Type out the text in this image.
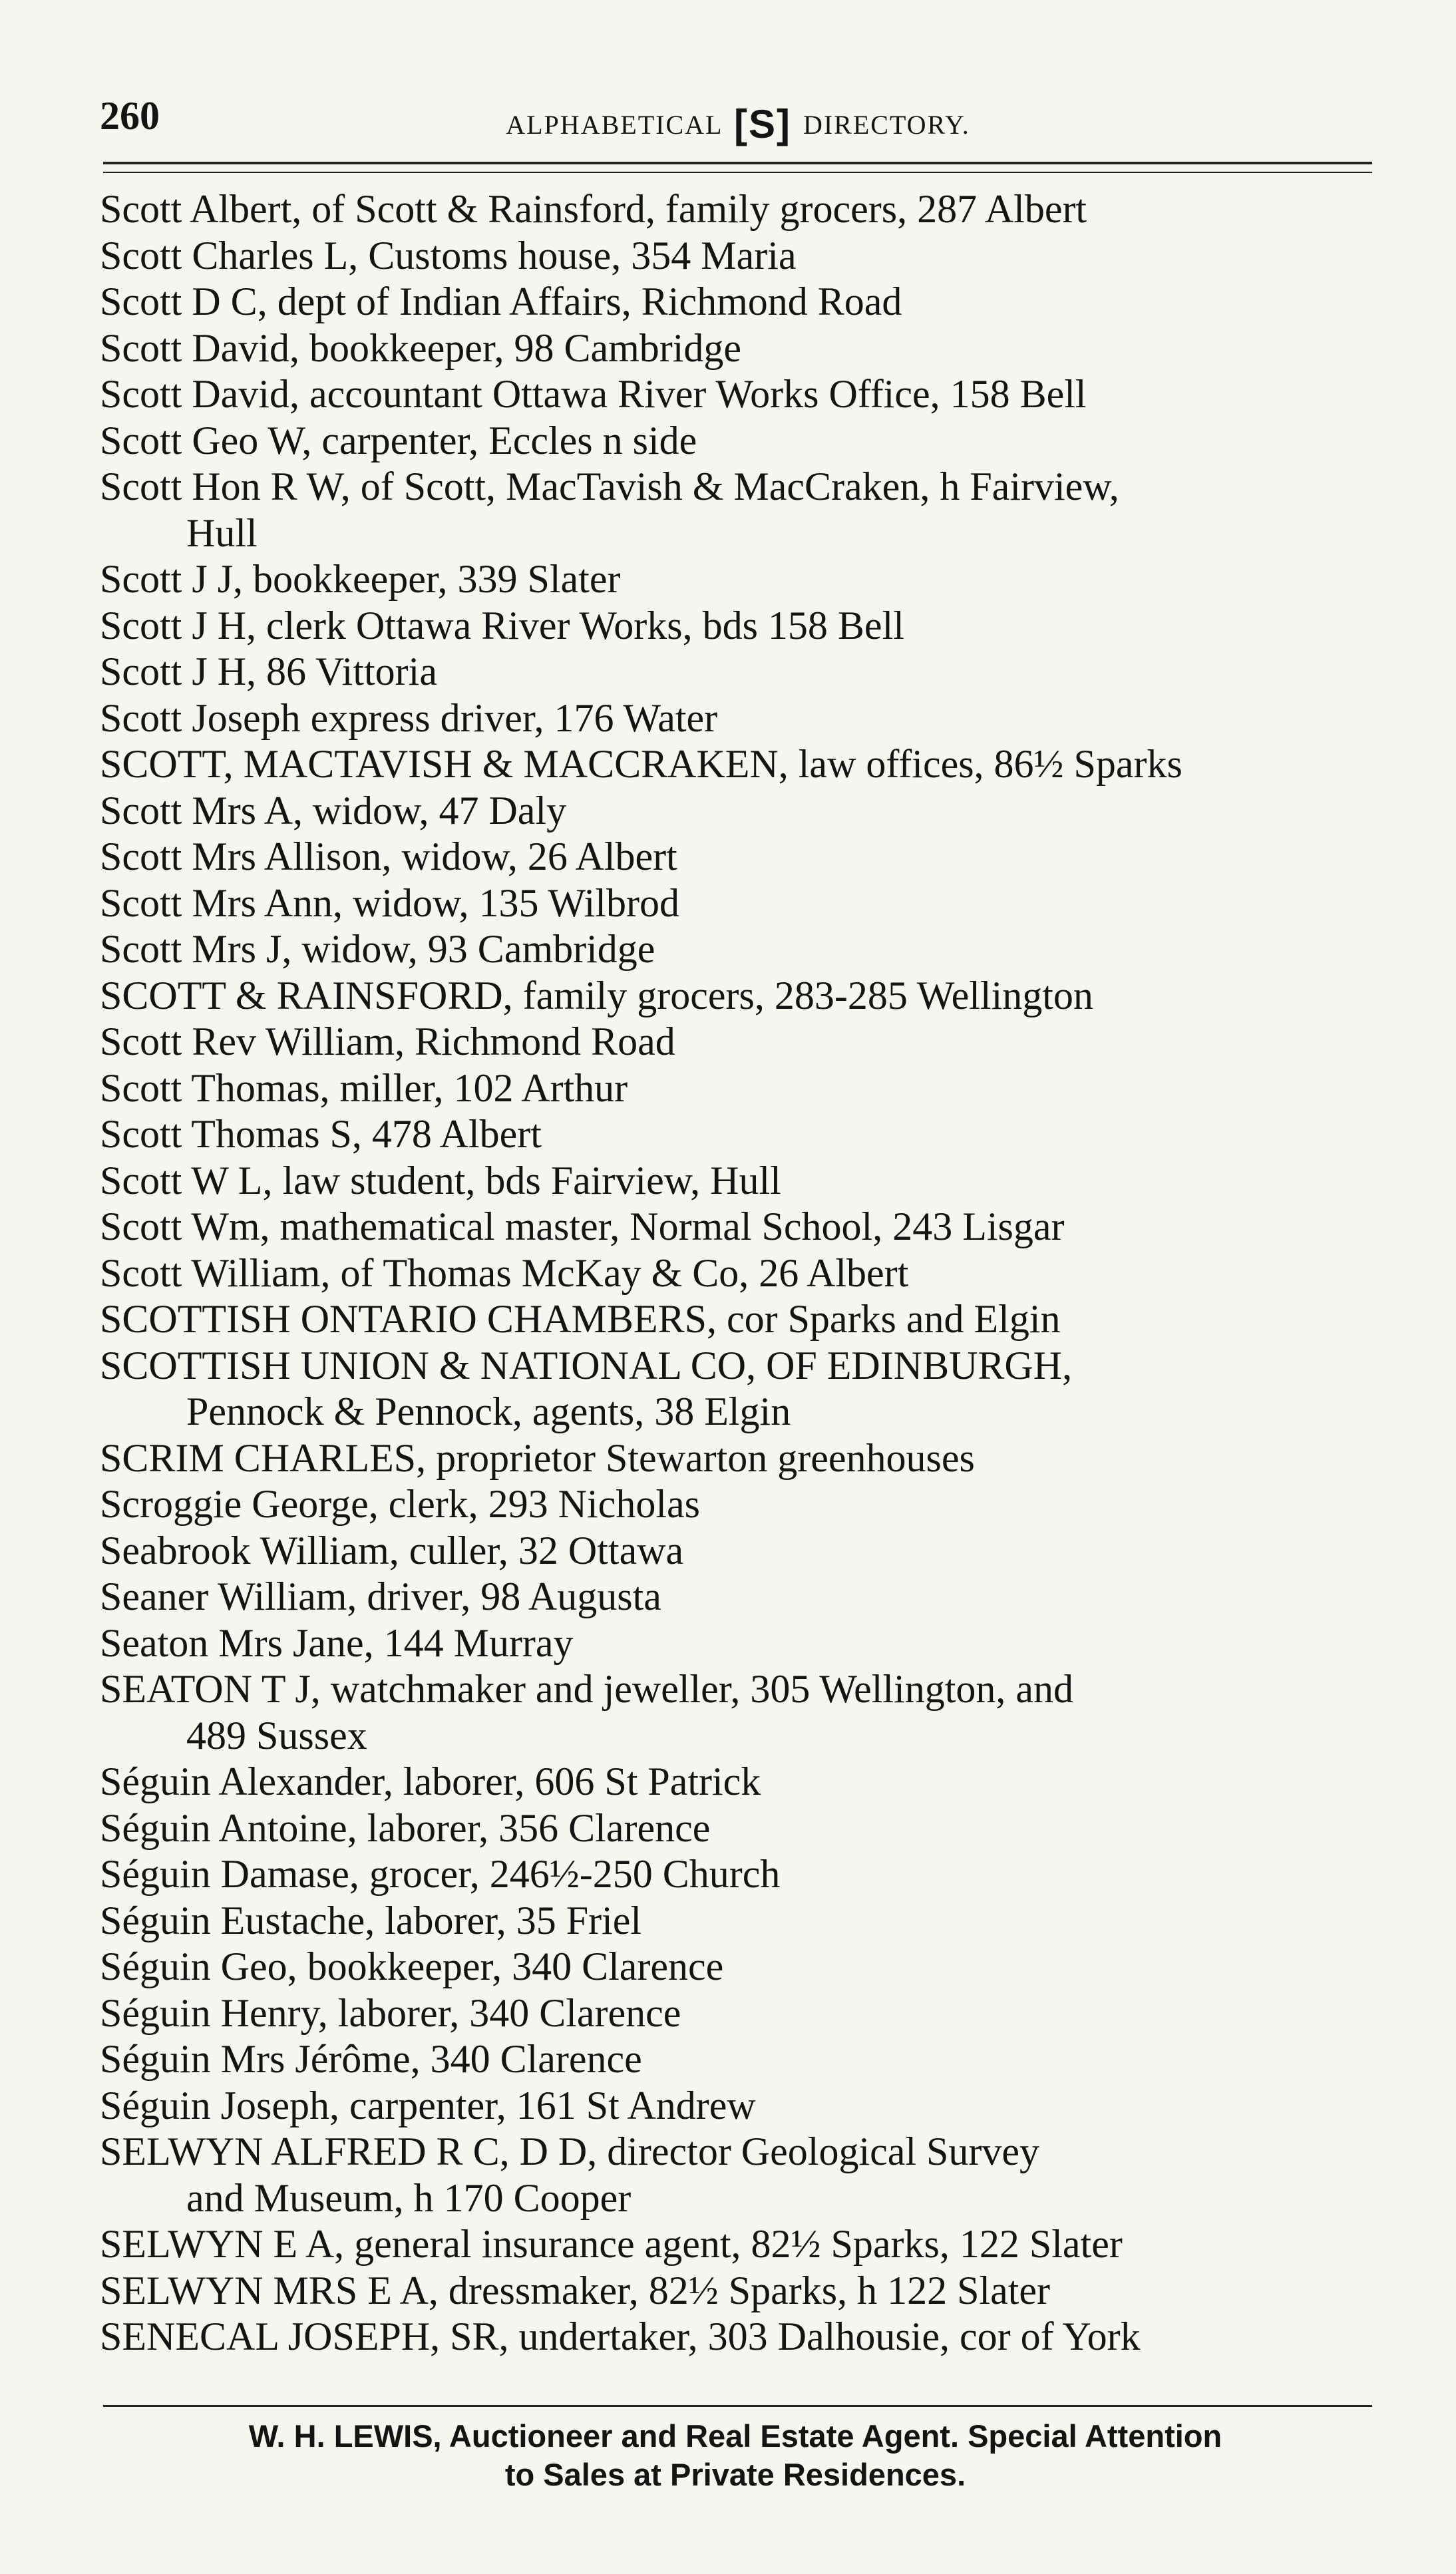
260	ALPHABETICAL [S] DIRECTORY.
Scott Albert, of Scott & Rainsford, family grocers, 287 Albert
Scott Charles L, Customs house, 354 Maria
Scott D C, dept of Indian Affairs, Richmond Road
Scott David, bookkeeper, 98 Cambridge
Scott David, accountant Ottawa River Works Office, 158 Bell
Scott Geo W, carpenter, Eccles n side
Scott Hon R W, of Scott, MacTavish & MacCraken, h Fairview,
Hull
Scott J J, bookkeeper, 339 Slater
Scott J H, clerk Ottawa River Works, bds 158 Bell
Scott J H, 86 Vittoria
Scott Joseph express driver, 176 Water
SCOTT, MACTAVISH & MACCRAKEN, law offices, 86½ Sparks
Scott Mrs A, widow, 47 Daly
Scott Mrs Allison, widow, 26 Albert
Scott Mrs Ann, widow, 135 Wilbrod
Scott Mrs J, widow, 93 Cambridge
SCOTT & RAINSFORD, family grocers, 283-285 Wellington
Scott Rev William, Richmond Road
Scott Thomas, miller, 102 Arthur
Scott Thomas S, 478 Albert
Scott W L, law student, bds Fairview, Hull
Scott Wm, mathematical master, Normal School, 243 Lisgar
Scott William, of Thomas McKay & Co, 26 Albert
SCOTTISH ONTARIO CHAMBERS, cor Sparks and Elgin
SCOTTISH UNION & NATIONAL CO, OF EDINBURGH,
Pennock & Pennock, agents, 38 Elgin
SCRIM CHARLES, proprietor Stewarton greenhouses
Scroggie George, clerk, 293 Nicholas
Seabrook William, culler, 32 Ottawa
Seaner William, driver, 98 Augusta
Seaton Mrs Jane, 144 Murray
SEATON T J, watchmaker and jeweller, 305 Wellington, and
489 Sussex
Séguin Alexander, laborer, 606 St Patrick
Séguin Antoine, laborer, 356 Clarence
Séguin Damase, grocer, 246½-250 Church
Séguin Eustache, laborer, 35 Friel
Séguin Geo, bookkeeper, 340 Clarence
Séguin Henry, laborer, 340 Clarence
Séguin Mrs Jérôme, 340 Clarence
Séguin Joseph, carpenter, 161 St Andrew
SELWYN ALFRED R C, D D, director Geological Survey
and Museum, h 170 Cooper
SELWYN E A, general insurance agent, 82½ Sparks, 122 Slater
SELWYN MRS E A, dressmaker, 82½ Sparks, h 122 Slater
SENECAL JOSEPH, SR, undertaker, 303 Dalhousie, cor of York
W. H. LEWIS, Auctioneer and Real Estate Agent. Special Attention
to Sales at Private Residences.
